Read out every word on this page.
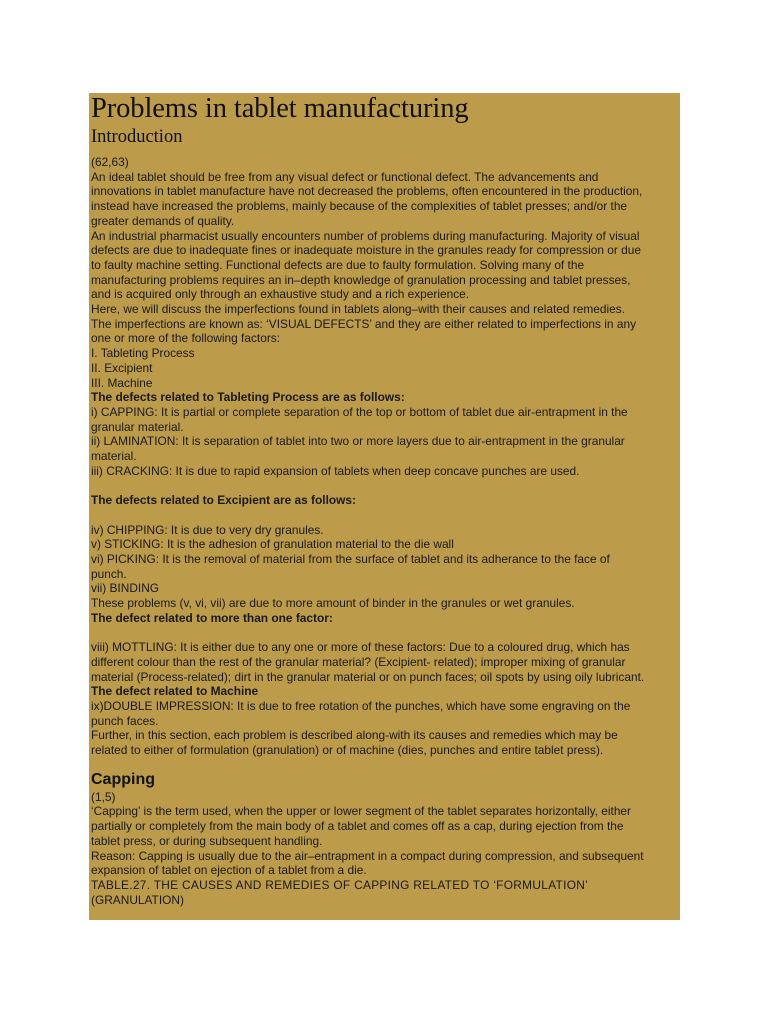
Problems in tablet manufacturing
Introduction
(62,63)
An ideal tablet should be free from any visual defect or functional defect. The advancements and
innovations in tablet manufacture have not decreased the problems, often encountered in the production,
instead have increased the problems, mainly because of the complexities of tablet presses; and/or the
greater demands of quality.
An industrial pharmacist usually encounters number of problems during manufacturing. Majority of visual
defects are due to inadequate fines or inadequate moisture in the granules ready for compression or due
to faulty machine setting. Functional defects are due to faulty formulation. Solving many of the
manufacturing problems requires an in–depth knowledge of granulation processing and tablet presses,
and is acquired only through an exhaustive study and a rich experience.
Here, we will discuss the imperfections found in tablets along–with their causes and related remedies.
The imperfections are known as: ‘VISUAL DEFECTS’ and they are either related to imperfections in any
one or more of the following factors:
I. Tableting Process
II. Excipient
III. Machine
The defects related to Tableting Process are as follows:
i) CAPPING: It is partial or complete separation of the top or bottom of tablet due air-entrapment in the
granular material.
ii) LAMINATION: It is separation of tablet into two or more layers due to air-entrapment in the granular
material.
iii) CRACKING: It is due to rapid expansion of tablets when deep concave punches are used.
The defects related to Excipient are as follows:
iv) CHIPPING: It is due to very dry granules.
v) STICKING: It is the adhesion of granulation material to the die wall
vi) PICKING: It is the removal of material from the surface of tablet and its adherance to the face of
punch.
vii) BINDING
These problems (v, vi, vii) are due to more amount of binder in the granules or wet granules.
The defect related to more than one factor:
viii) MOTTLING: It is either due to any one or more of these factors: Due to a coloured drug, which has
different colour than the rest of the granular material? (Excipient- related); improper mixing of granular
material (Process-related); dirt in the granular material or on punch faces; oil spots by using oily lubricant.
The defect related to Machine
ix)DOUBLE IMPRESSION: It is due to free rotation of the punches, which have some engraving on the
punch faces.
Further, in this section, each problem is described along-with its causes and remedies which may be
related to either of formulation (granulation) or of machine (dies, punches and entire tablet press).
Capping
(1,5)
‘Capping’ is the term used, when the upper or lower segment of the tablet separates horizontally, either
partially or completely from the main body of a tablet and comes off as a cap, during ejection from the
tablet press, or during subsequent handling.
Reason: Capping is usually due to the air–entrapment in a compact during compression, and subsequent
expansion of tablet on ejection of a tablet from a die.
TABLE.27. THE CAUSES AND REMEDIES OF CAPPING RELATED TO ‘FORMULATION’
(GRANULATION)
